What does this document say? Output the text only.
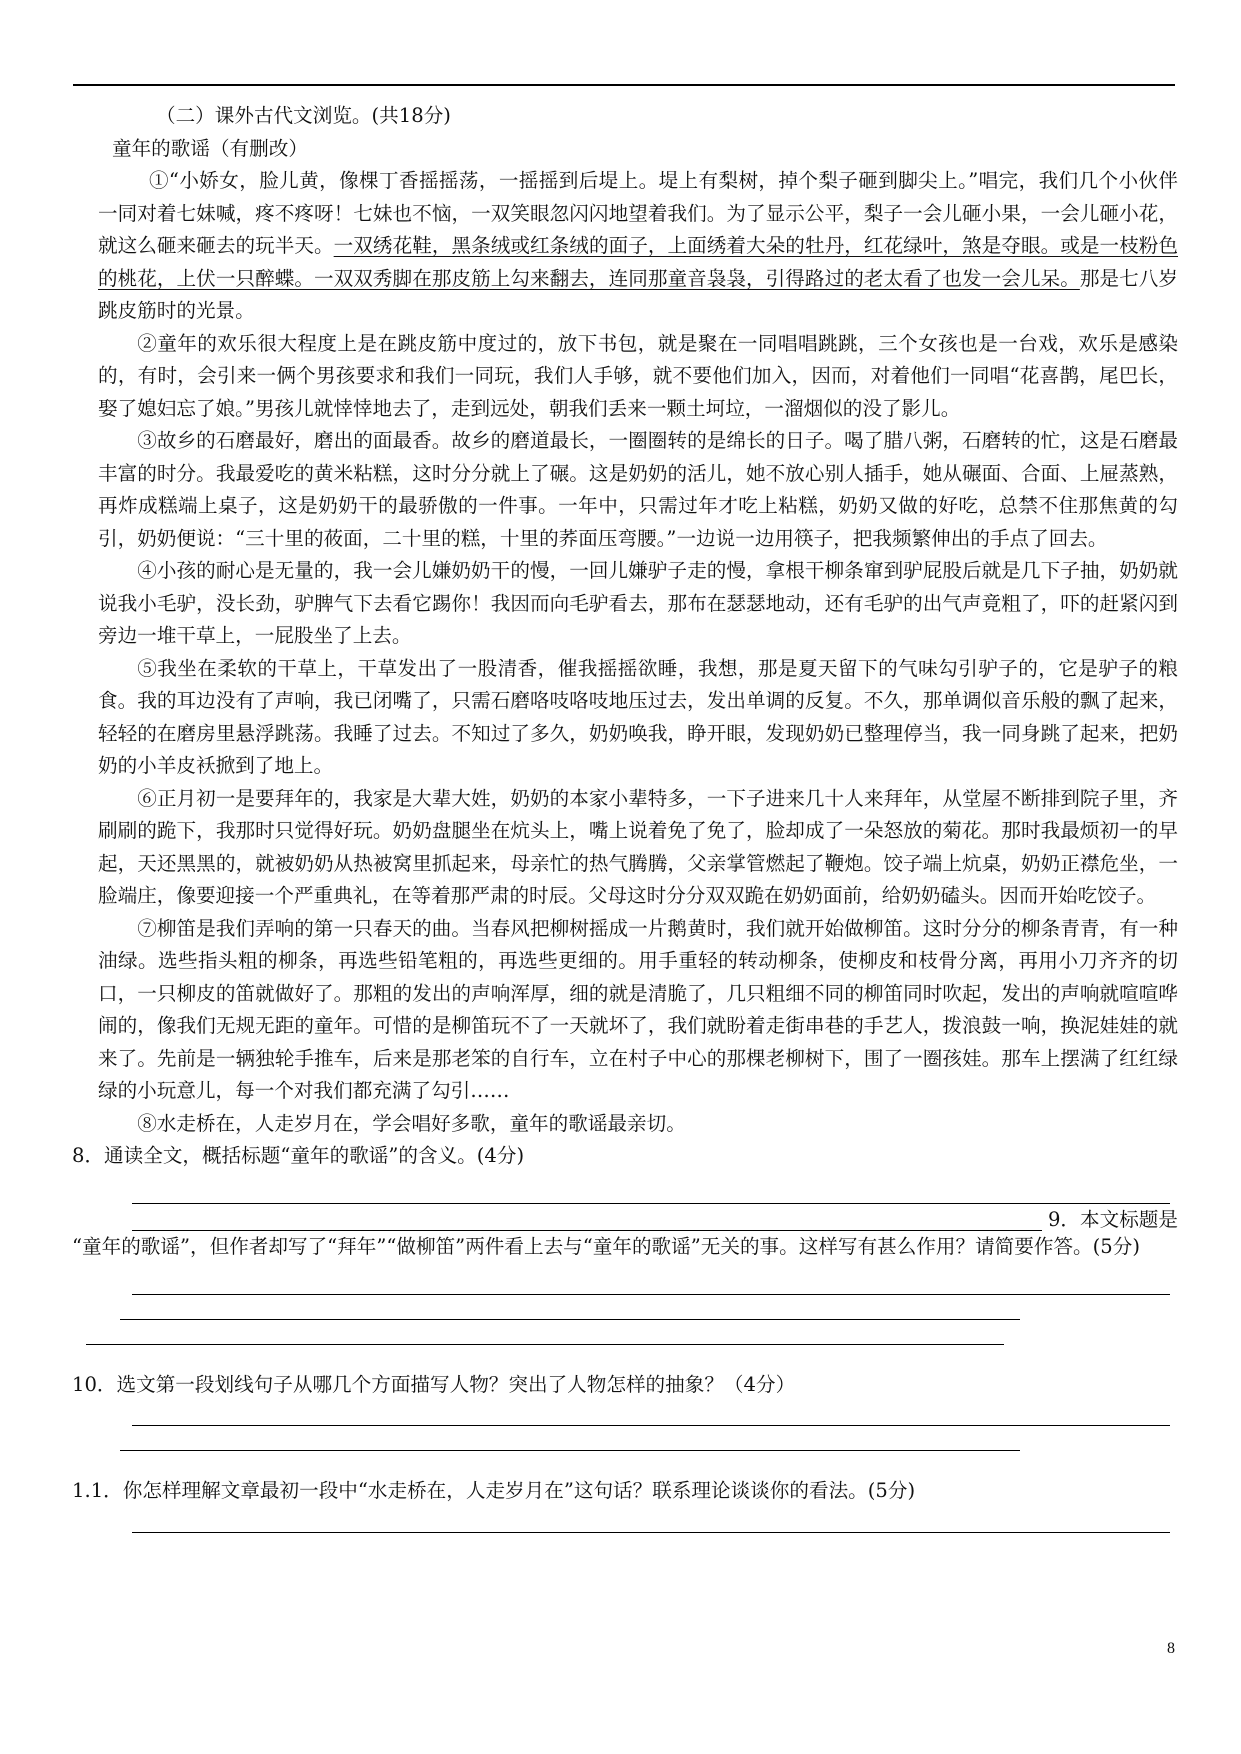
（二）课外古代文浏览。(共18分)
童年的歌谣（有删改）
①“小娇女，脸儿黄，像棵丁香摇摇荡，一摇摇到后堤上。堤上有梨树，掉个梨子砸到脚尖上。”唱完，我们几个小伙伴一同对着七妹喊，疼不疼呀！七妹也不恼，一双笑眼忽闪闪地望着我们。为了显示公平，梨子一会儿砸小果，一会儿砸小花，就这么砸来砸去的玩半天。一双绣花鞋，黑条绒或红条绒的面子，上面绣着大朵的牡丹，红花绿叶，煞是夺眼。或是一枝粉色的桃花，上伏一只醉蝶。一双双秀脚在那皮筋上勾来翻去，连同那童音袅袅，引得路过的老太看了也发一会儿呆。那是七八岁跳皮筋时的光景。
②童年的欢乐很大程度上是在跳皮筋中度过的，放下书包，就是聚在一同唱唱跳跳，三个女孩也是一台戏，欢乐是感染的，有时，会引来一俩个男孩要求和我们一同玩，我们人手够，就不要他们加入，因而，对着他们一同唱“花喜鹊，尾巴长，娶了媳妇忘了娘。”男孩儿就悻悻地去了，走到远处，朝我们丢来一颗土坷垃，一溜烟似的没了影儿。
③故乡的石磨最好，磨出的面最香。故乡的磨道最长，一圈圈转的是绵长的日子。喝了腊八粥，石磨转的忙，这是石磨最丰富的时分。我最爱吃的黄米粘糕，这时分分就上了碾。这是奶奶的活儿，她不放心别人插手，她从碾面、合面、上屉蒸熟，再炸成糕端上桌子，这是奶奶干的最骄傲的一件事。一年中，只需过年才吃上粘糕，奶奶又做的好吃，总禁不住那焦黄的勾引，奶奶便说：“三十里的莜面，二十里的糕，十里的荞面压弯腰。”一边说一边用筷子，把我频繁伸出的手点了回去。
④小孩的耐心是无量的，我一会儿嫌奶奶干的慢，一回儿嫌驴子走的慢，拿根干柳条窜到驴屁股后就是几下子抽，奶奶就说我小毛驴，没长劲，驴脾气下去看它踢你！我因而向毛驴看去，那布在瑟瑟地动，还有毛驴的出气声竟粗了，吓的赶紧闪到旁边一堆干草上，一屁股坐了上去。
⑤我坐在柔软的干草上，干草发出了一股清香，催我摇摇欲睡，我想，那是夏天留下的气味勾引驴子的，它是驴子的粮食。我的耳边没有了声响，我已闭嘴了，只需石磨咯吱咯吱地压过去，发出单调的反复。不久，那单调似音乐般的飘了起来，轻轻的在磨房里悬浮跳荡。我睡了过去。不知过了多久，奶奶唤我，睁开眼，发现奶奶已整理停当，我一同身跳了起来，把奶奶的小羊皮袄掀到了地上。
⑥正月初一是要拜年的，我家是大辈大姓，奶奶的本家小辈特多，一下子进来几十人来拜年，从堂屋不断排到院子里，齐刷刷的跪下，我那时只觉得好玩。奶奶盘腿坐在炕头上，嘴上说着免了免了，脸却成了一朵怒放的菊花。那时我最烦初一的早起，天还黑黑的，就被奶奶从热被窝里抓起来，母亲忙的热气腾腾，父亲掌管燃起了鞭炮。饺子端上炕桌，奶奶正襟危坐，一脸端庄，像要迎接一个严重典礼，在等着那严肃的时辰。父母这时分分双双跪在奶奶面前，给奶奶磕头。因而开始吃饺子。
⑦柳笛是我们弄响的第一只春天的曲。当春风把柳树摇成一片鹅黄时，我们就开始做柳笛。这时分分的柳条青青，有一种油绿。选些指头粗的柳条，再选些铅笔粗的，再选些更细的。用手重轻的转动柳条，使柳皮和枝骨分离，再用小刀齐齐的切口，一只柳皮的笛就做好了。那粗的发出的声响浑厚，细的就是清脆了，几只粗细不同的柳笛同时吹起，发出的声响就喧喧哗闹的，像我们无规无距的童年。可惜的是柳笛玩不了一天就坏了，我们就盼着走街串巷的手艺人，拨浪鼓一响，换泥娃娃的就来了。先前是一辆独轮手推车，后来是那老笨的自行车，立在村子中心的那棵老柳树下，围了一圈孩娃。那车上摆满了红红绿绿的小玩意儿，每一个对我们都充满了勾引……
⑧水走桥在，人走岁月在，学会唱好多歌，童年的歌谣最亲切。
8．通读全文，概括标题“童年的歌谣”的含义。(4分)
9．本文标题是
“童年的歌谣”，但作者却写了“拜年”“做柳笛”两件看上去与“童年的歌谣”无关的事。这样写有甚么作用？请简要作答。(5分)
10．选文第一段划线句子从哪几个方面描写人物？突出了人物怎样的抽象？（4分）
1.1．你怎样理解文章最初一段中“水走桥在，人走岁月在”这句话？联系理论谈谈你的看法。(5分)
8
